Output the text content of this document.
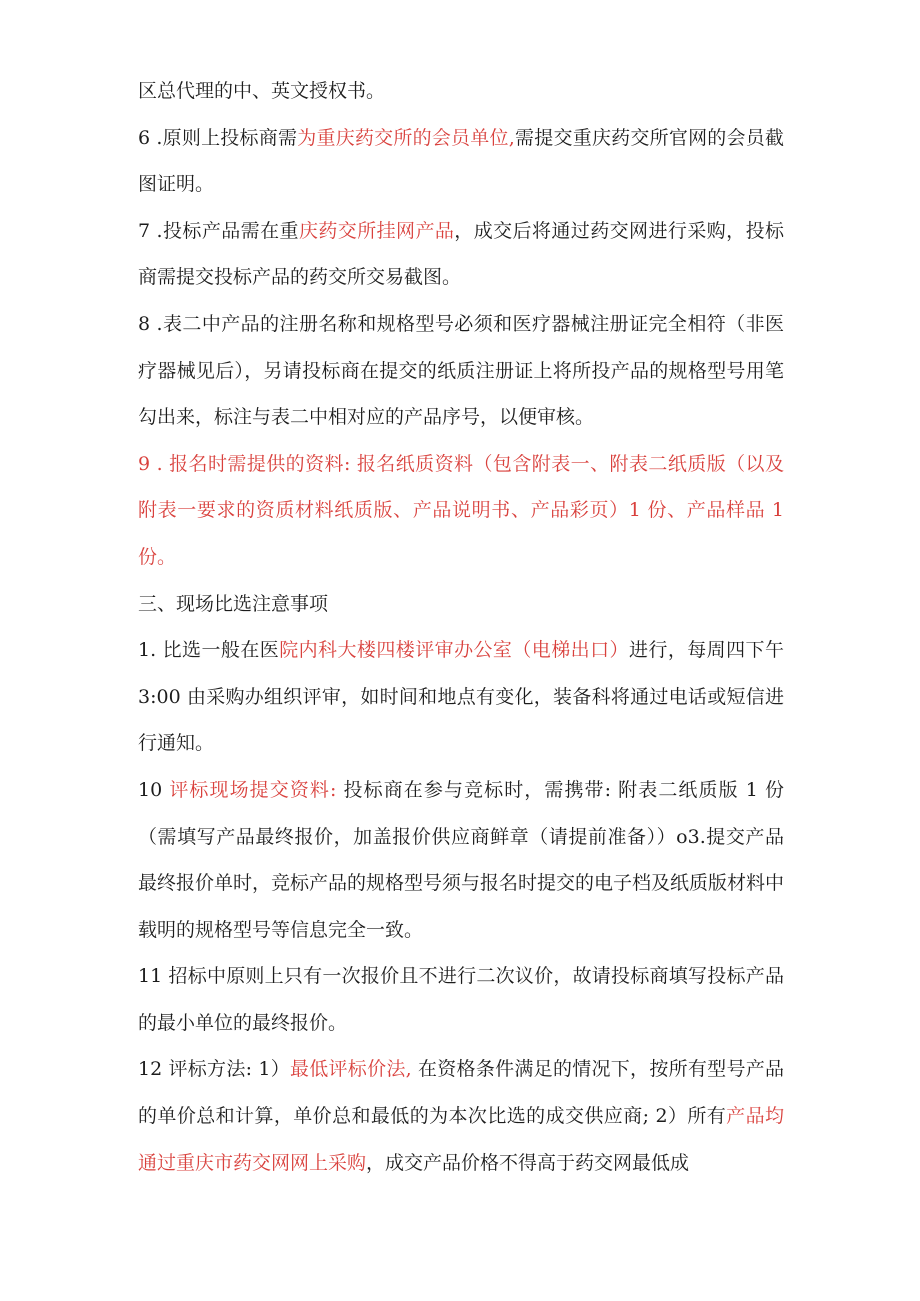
区总代理的中、英文授权书。

6 .原则上投标商需为重庆药交所的会员单位,需提交重庆药交所官网的会员截图证明。

7 .投标产品需在重庆药交所挂网产品，成交后将通过药交网进行采购，投标商需提交投标产品的药交所交易截图。

8 .表二中产品的注册名称和规格型号必须和医疗器械注册证完全相符（非医疗器械见后），另请投标商在提交的纸质注册证上将所投产品的规格型号用笔勾出来，标注与表二中相对应的产品序号，以便审核。

9 . 报名时需提供的资料: 报名纸质资料（包含附表一、附表二纸质版（以及附表一要求的资质材料纸质版、产品说明书、产品彩页）1 份、产品样品 1 份。

三、现场比选注意事项

1. 比选一般在医院内科大楼四楼评审办公室（电梯出口）进行，每周四下午 3:00 由采购办组织评审，如时间和地点有变化，装备科将通过电话或短信进行通知。

10 评标现场提交资料: 投标商在参与竞标时，需携带: 附表二纸质版 1 份（需填写产品最终报价，加盖报价供应商鲜章（请提前准备））o3.提交产品最终报价单时，竞标产品的规格型号须与报名时提交的电子档及纸质版材料中载明的规格型号等信息完全一致。

11 招标中原则上只有一次报价且不进行二次议价，故请投标商填写投标产品的最小单位的最终报价。

12 评标方法: 1）最低评标价法, 在资格条件满足的情况下，按所有型号产品的单价总和计算，单价总和最低的为本次比选的成交供应商; 2）所有产品均通过重庆市药交网网上采购，成交产品价格不得高于药交网最低成
